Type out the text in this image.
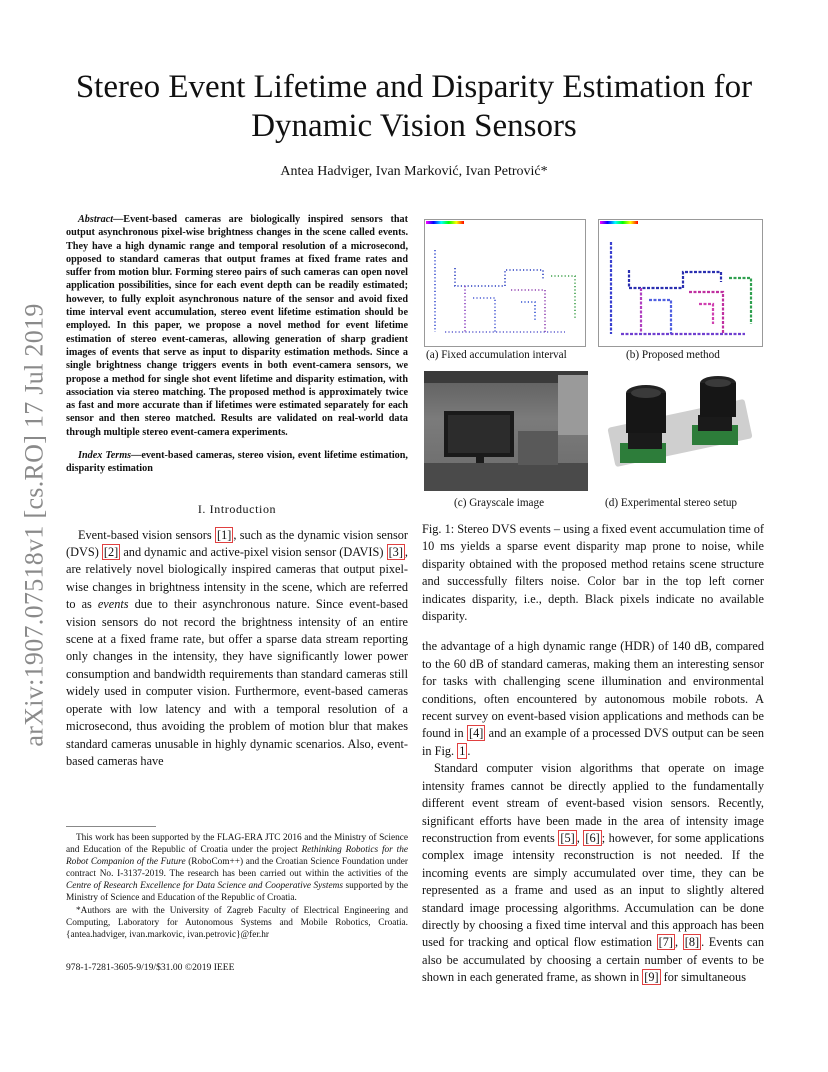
arXiv:1907.07518v1 [cs.RO] 17 Jul 2019
Stereo Event Lifetime and Disparity Estimation for
Dynamic Vision Sensors
Antea Hadviger, Ivan Marković, Ivan Petrović*

Abstract—Event-based cameras are biologically inspired sensors that output asynchronous pixel-wise brightness changes in the scene called events. They have a high dynamic range and temporal resolution of a microsecond, opposed to standard cameras that output frames at fixed frame rates and suffer from motion blur. Forming stereo pairs of such cameras can open novel application possibilities, since for each event depth can be readily estimated; however, to fully exploit asynchronous nature of the sensor and avoid fixed time interval event accumulation, stereo event lifetime estimation should be employed. In this paper, we propose a novel method for event lifetime estimation of stereo event-cameras, allowing generation of sharp gradient images of events that serve as input to disparity estimation methods. Since a single brightness change triggers events in both event-camera sensors, we propose a method for single shot event lifetime and disparity estimation, with association via stereo matching. The proposed method is approximately twice as fast and more accurate than if lifetimes were estimated separately for each sensor and then stereo matched. Results are validated on real-world data through multiple stereo event-camera experiments.

Index Terms—event-based cameras, stereo vision, event lifetime estimation, disparity estimation

I. Introduction

Event-based vision sensors [1] , such as the dynamic vision sensor (DVS) [2] and dynamic and active-pixel vision sensor (DAVIS) [3] , are relatively novel biologically inspired cameras that output pixel-wise changes in brightness intensity in the scene, which are referred to as events due to their asynchronous nature. Since event-based vision sensors do not record the brightness intensity of an entire scene at a fixed frame rate, but offer a sparse data stream reporting only changes in the intensity, they have significantly lower power consumption and bandwidth requirements than standard cameras still widely used in computer vision. Furthermore, event-based cameras operate with low latency and with a temporal resolution of a microsecond, thus avoiding the problem of motion blur that makes standard cameras unusable in highly dynamic scenarios. Also, event-based cameras have

This work has been supported by the FLAG-ERA JTC 2016 and the Ministry of Science and Education of the Republic of Croatia under the project Rethinking Robotics for the Robot Companion of the Future (RoboCom++) and the Croatian Science Foundation under contract No. I-3137-2019. The research has been carried out within the activities of the Centre of Research Excellence for Data Science and Cooperative Systems supported by the Ministry of Science and Education of the Republic of Croatia.

*Authors are with the University of Zagreb Faculty of Electrical Engineering and Computing, Laboratory for Autonomous Systems and Mobile Robotics, Croatia. {antea.hadviger, ivan.markovic, ivan.petrovic}@fer.hr

978-1-7281-3605-9/19/$31.00 ©2019 IEEE
(a) Fixed accumulation interval	(b) Proposed method
(c) Grayscale image	(d) Experimental stereo setup

Fig. 1: Stereo DVS events – using a fixed event accumulation time of 10 ms yields a sparse event disparity map prone to noise, while disparity obtained with the proposed method retains scene structure and successfully filters noise. Color bar in the top left corner indicates disparity, i.e., depth. Black pixels indicate no available disparity.

the advantage of a high dynamic range (HDR) of 140 dB, compared to the 60 dB of standard cameras, making them an interesting sensor for tasks with challenging scene illumination and environmental conditions, often encountered by autonomous mobile robots. A recent survey on event-based vision applications and methods can be found in [4] and an example of a processed DVS output can be seen in Fig. 1 .

Standard computer vision algorithms that operate on image intensity frames cannot be directly applied to the fundamentally different event stream of event-based vision sensors. Recently, significant efforts have been made in the area of intensity image reconstruction from events [5] , [6] ; however, for some applications complex image intensity reconstruction is not needed. If the incoming events are simply accumulated over time, they can be represented as a frame and used as an input to slightly altered standard image processing algorithms. Accumulation can be done directly by choosing a fixed time interval and this approach has been used for tracking and optical flow estimation [7] , [8] . Events can also be accumulated by choosing a certain number of events to be shown in each generated frame, as shown in [9] for simultaneous
